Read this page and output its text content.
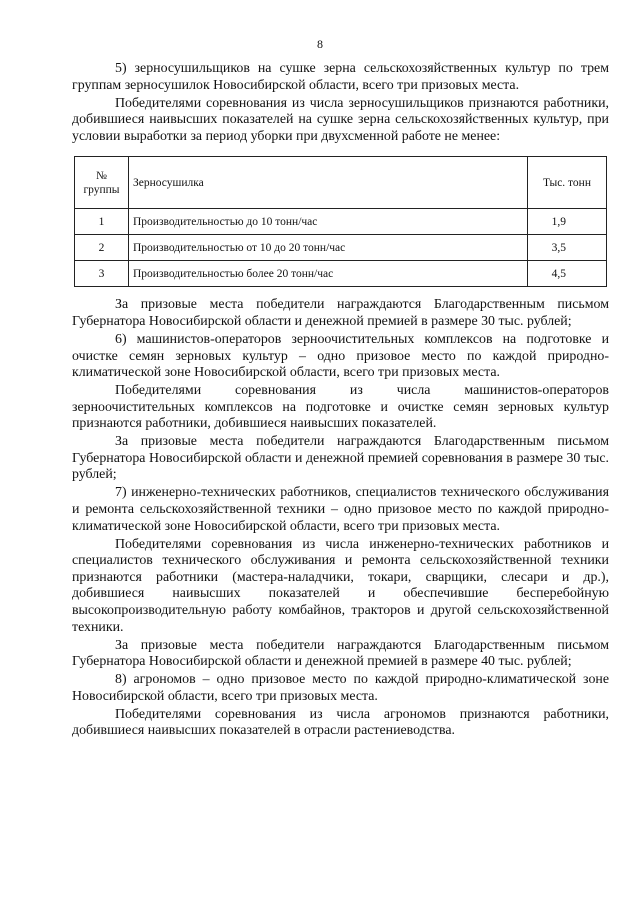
8

5) зерносушильщиков на сушке зерна сельскохозяйственных культур по трем группам зерносушилок Новосибирской области, всего три призовых места.

Победителями соревнования из числа зерносушильщиков признаются работники, добившиеся наивысших показателей на сушке зерна сельскохозяйственных культур, при условии выработки за период уборки при двухсменной работе не менее:

№ группы	Зерносушилка	Тыс. тонн
1	Производительностью до 10 тонн/час	1,9
2	Производительностью от 10 до 20 тонн/час	3,5
3	Производительностью более 20 тонн/час	4,5

За призовые места победители награждаются Благодарственным письмом Губернатора Новосибирской области и денежной премией в размере 30 тыс. рублей;

6) машинистов-операторов зерноочистительных комплексов на подготовке и очистке семян зерновых культур – одно призовое место по каждой природно-климатической зоне Новосибирской области, всего три призовых места.

Победителями соревнования из числа машинистов-операторов зерноочистительных комплексов на подготовке и очистке семян зерновых культур признаются работники, добившиеся наивысших показателей.

За призовые места победители награждаются Благодарственным письмом Губернатора Новосибирской области и денежной премией соревнования в размере 30 тыс. рублей;

7) инженерно-технических работников, специалистов технического обслуживания и ремонта сельскохозяйственной техники – одно призовое место по каждой природно-климатической зоне Новосибирской области, всего три призовых места.

Победителями соревнования из числа инженерно-технических работников и специалистов технического обслуживания и ремонта сельскохозяйственной техники признаются работники (мастера-наладчики, токари, сварщики, слесари и др.), добившиеся наивысших показателей и обеспечившие бесперебойную высокопроизводительную работу комбайнов, тракторов и другой сельскохозяйственной техники.

За призовые места победители награждаются Благодарственным письмом Губернатора Новосибирской области и денежной премией в размере 40 тыс. рублей;

8) агрономов – одно призовое место по каждой природно-климатической зоне Новосибирской области, всего три призовых места.

Победителями соревнования из числа агрономов признаются работники, добившиеся наивысших показателей в отрасли растениеводства.
